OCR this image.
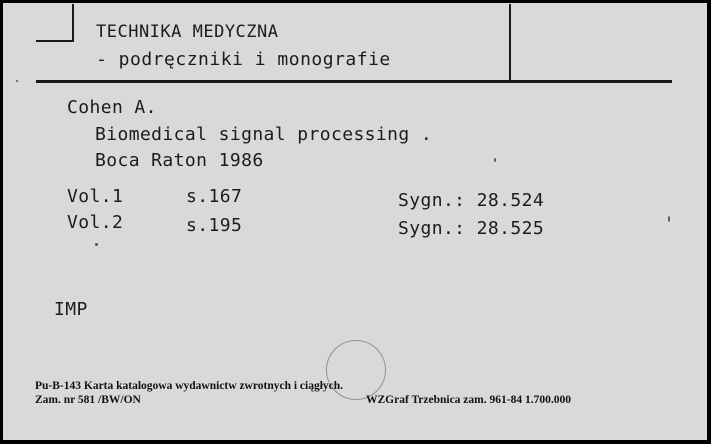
TECHNIKA MEDYCZNA
- podręczniki i monografie
Cohen A.
Biomedical signal processing .
Boca Raton 1986
Vol.1	s.167	Sygn.: 28.524
Vol.2	s.195	Sygn.: 28.525
IMP
Pu-B-143 Karta katalogowa wydawnictw zwrotnych i ciągłych.
Zam. nr 581 /BW/ON	WZGraf Trzebnica zam. 961-84 1.700.000
